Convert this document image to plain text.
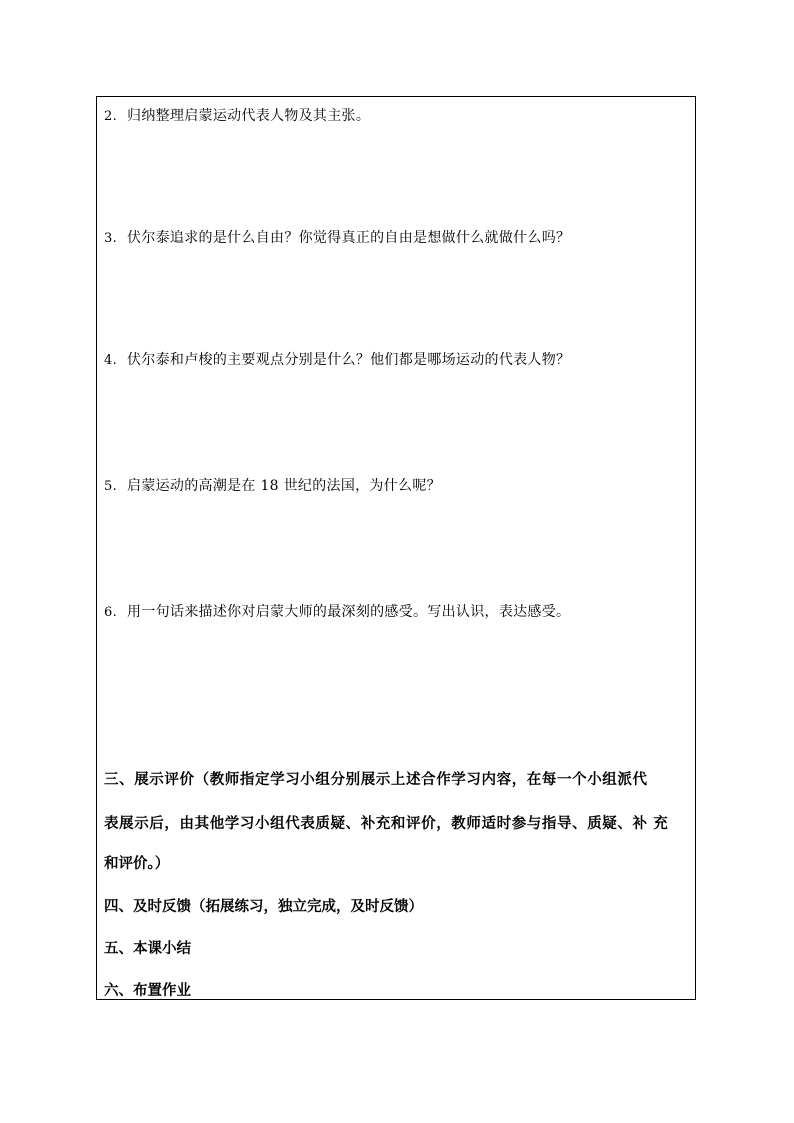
2. 归纳整理启蒙运动代表人物及其主张。
3. 伏尔泰追求的是什么自由？你觉得真正的自由是想做什么就做什么吗？
4. 伏尔泰和卢梭的主要观点分别是什么？他们都是哪场运动的代表人物？
5. 启蒙运动的高潮是在 18 世纪的法国，为什么呢？
6. 用一句话来描述你对启蒙大师的最深刻的感受。写出认识，表达感受。
三、展示评价（教师指定学习小组分别展示上述合作学习内容，在每一个小组派代
表展示后，由其他学习小组代表质疑、补充和评价，教师适时参与指导、质疑、补 充
和评价。）
四、及时反馈（拓展练习，独立完成，及时反馈）
五、本课小结
六、布置作业
